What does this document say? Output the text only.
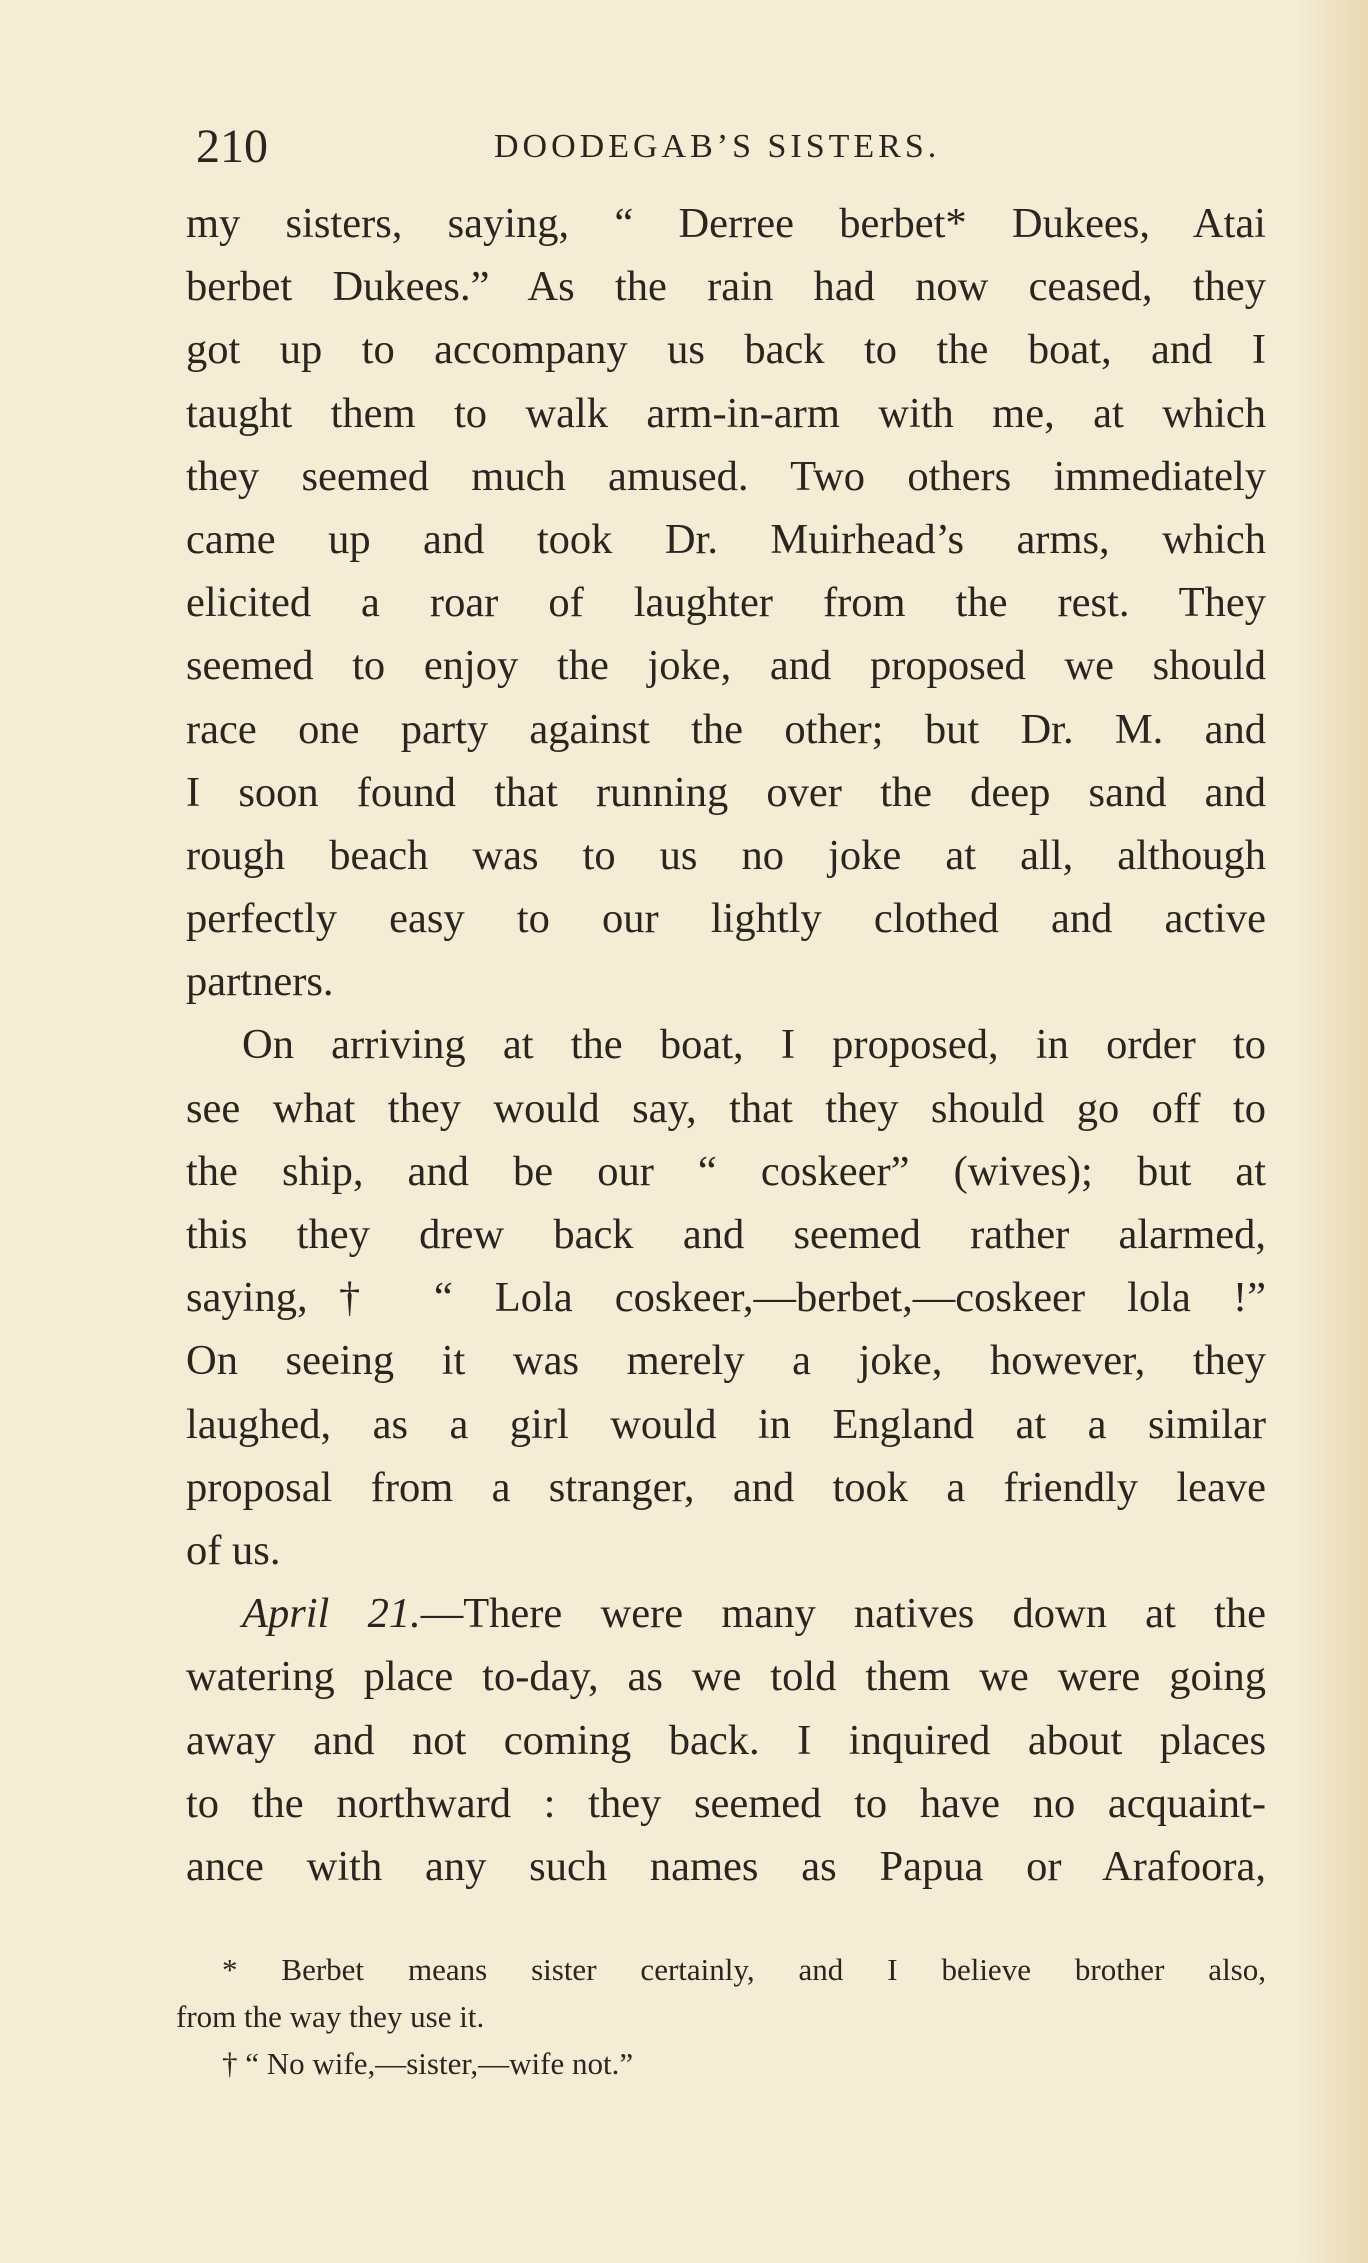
210	DOODEGAB’S SISTERS.
my sisters, saying, “ Derree berbet* Dukees, Atai
berbet Dukees.” As the rain had now ceased, they
got up to accompany us back to the boat, and I
taught them to walk arm-in-arm with me, at which
they seemed much amused. Two others immediately
came up and took Dr. Muirhead’s arms, which
elicited a roar of laughter from the rest. They
seemed to enjoy the joke, and proposed we should
race one party against the other; but Dr. M. and
I soon found that running over the deep sand and
rough beach was to us no joke at all, although
perfectly easy to our lightly clothed and active
partners.
On arriving at the boat, I proposed, in order to
see what they would say, that they should go off to
the ship, and be our “ coskeer” (wives); but at
this they drew back and seemed rather alarmed,
saying,† “ Lola coskeer,—berbet,—coskeer lola !”
On seeing it was merely a joke, however, they
laughed, as a girl would in England at a similar
proposal from a stranger, and took a friendly leave
of us.
April 21.—There were many natives down at the
watering place to-day, as we told them we were going
away and not coming back. I inquired about places
to the northward : they seemed to have no acquaint-
ance with any such names as Papua or Arafoora,
* Berbet means sister certainly, and I believe brother also,
from the way they use it.
† “ No wife,—sister,—wife not.”
